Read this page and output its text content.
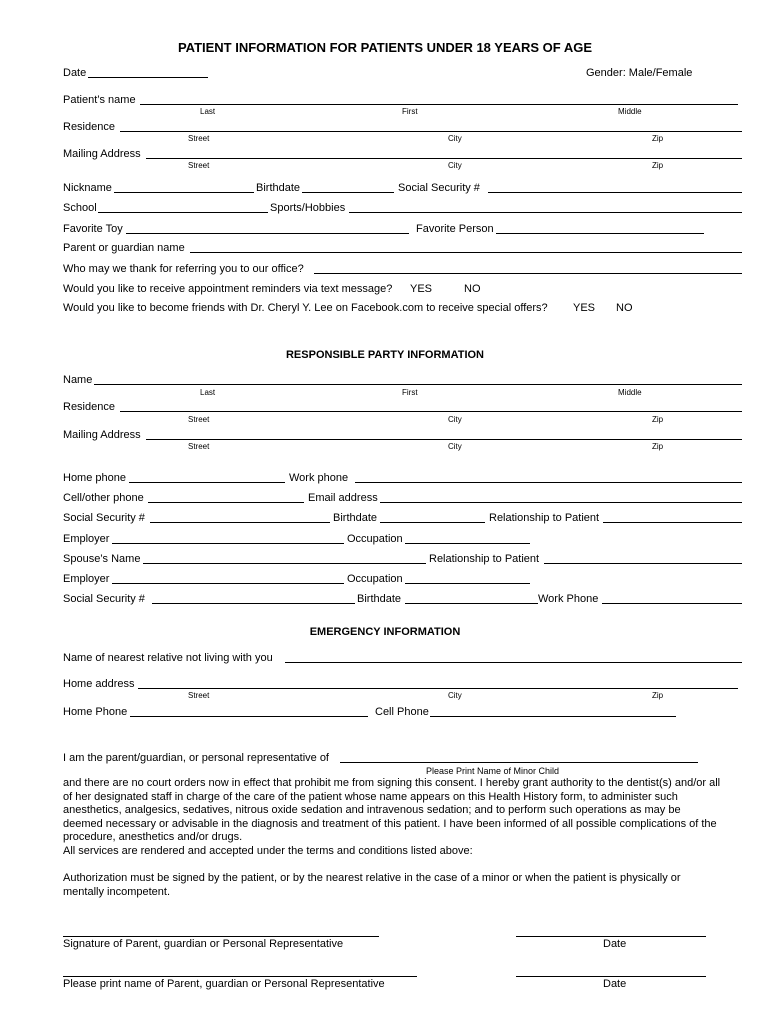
PATIENT INFORMATION FOR PATIENTS UNDER 18 YEARS OF AGE
Date	Gender: Male/Female
Patient’s name
Last	First	Middle
Residence
Street	City	Zip
Mailing Address
Street	City	Zip
Nickname	Birthdate	Social Security #
School	Sports/Hobbies
Favorite Toy	Favorite Person
Parent or guardian name
Who may we thank for referring you to our office?
Would you like to receive appointment reminders via text message? YES	NO
Would you like to become friends with Dr. Cheryl Y. Lee on Facebook.com to receive special offers? YES NO
RESPONSIBLE PARTY INFORMATION
Name
Last	First	Middle
Residence
Street	City	Zip
Mailing Address
Street	City	Zip
Home phone	Work phone
Cell/other phone	Email address
Social Security #	Birthdate	Relationship to Patient
Employer	Occupation
Spouse’s Name	Relationship to Patient
Employer	Occupation
Social Security #	Birthdate	Work Phone
EMERGENCY INFORMATION
Name of nearest relative not living with you
Home address
Street	City	Zip
Home Phone	Cell Phone
I am the parent/guardian, or personal representative of
Please Print Name of Minor Child
and there are no court orders now in effect that prohibit me from signing this consent. I hereby grant authority to the dentist(s) and/or all of her designated staff in charge of the care of the patient whose name appears on this Health History form, to administer such anesthetics, analgesics, sedatives, nitrous oxide sedation and intravenous sedation; and to perform such operations as may be deemed necessary or advisable in the diagnosis and treatment of this patient. I have been informed of all possible complications of the procedure, anesthetics and/or drugs.
All services are rendered and accepted under the terms and conditions listed above:
Authorization must be signed by the patient, or by the nearest relative in the case of a minor or when the patient is physically or mentally incompetent.
Signature of Parent, guardian or Personal Representative	Date
Please print name of Parent, guardian or Personal Representative	Date
